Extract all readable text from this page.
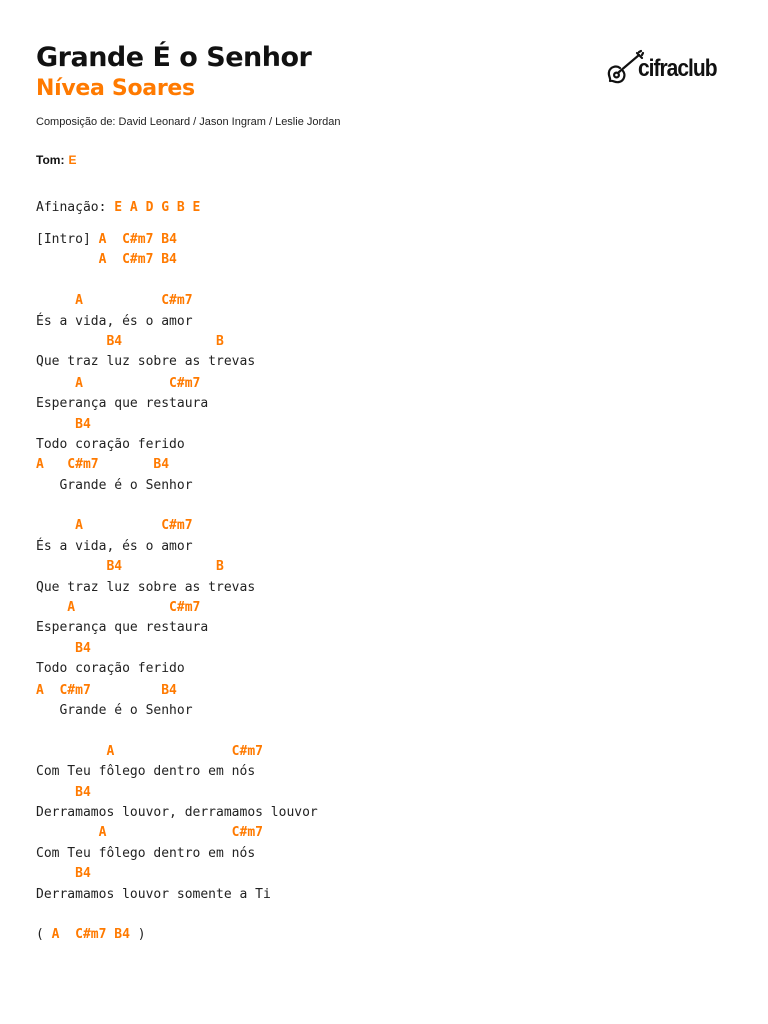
Grande É o Senhor
Nívea Soares
Composição de: David Leonard / Jason Ingram / Leslie Jordan
Tom: E
cifraclub
Afinação: E A D G B E
[Intro] A  C#m7 B4
A  C#m7 B4
A          C#m7
És a vida, és o amor
B4            B
Que traz luz sobre as trevas
A           C#m7
Esperança que restaura
B4
Todo coração ferido
A   C#m7       B4
Grande é o Senhor
A          C#m7
És a vida, és o amor
B4            B
Que traz luz sobre as trevas
A            C#m7
Esperança que restaura
B4
Todo coração ferido
A  C#m7         B4
Grande é o Senhor
A               C#m7
Com Teu fôlego dentro em nós
B4
Derramamos louvor, derramamos louvor
A                C#m7
Com Teu fôlego dentro em nós
B4
Derramamos louvor somente a Ti
( A  C#m7 B4 )
